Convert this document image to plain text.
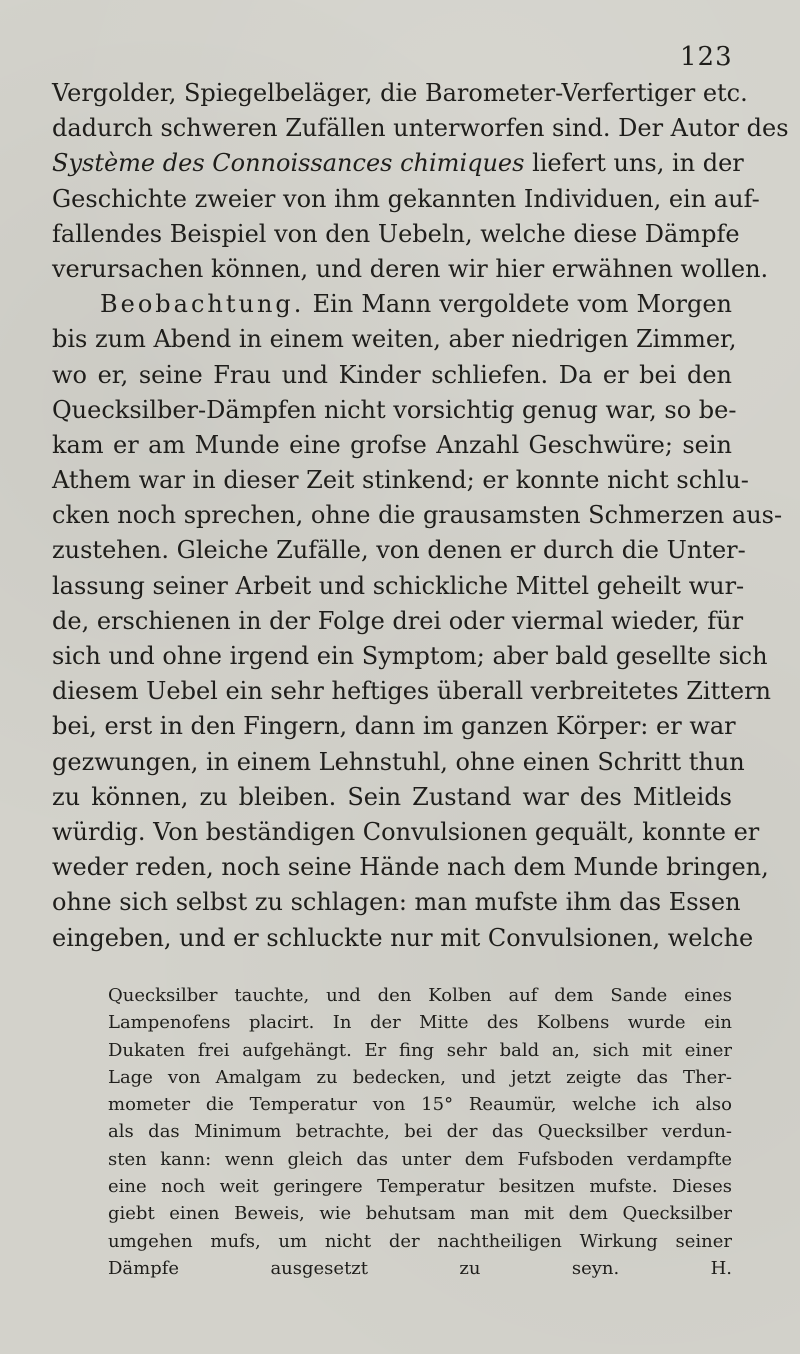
123
Vergolder, Spiegelbeläger, die Barometer-Verfertiger etc.
dadurch schweren Zufällen unterworfen sind. Der Autor des
Système des Connoissances chimiques liefert uns, in der
Geschichte zweier von ihm gekannten Individuen, ein auf-
fallendes Beispiel von den Uebeln, welche diese Dämpfe
verursachen können, und deren wir hier erwähnen wollen.
Beobachtung. Ein Mann vergoldete vom Morgen
bis zum Abend in einem weiten, aber niedrigen Zimmer,
wo er, seine Frau und Kinder schliefen. Da er bei den
Quecksilber-Dämpfen nicht vorsichtig genug war, so be-
kam er am Munde eine grofse Anzahl Geschwüre; sein
Athem war in dieser Zeit stinkend; er konnte nicht schlu-
cken noch sprechen, ohne die grausamsten Schmerzen aus-
zustehen. Gleiche Zufälle, von denen er durch die Unter-
lassung seiner Arbeit und schickliche Mittel geheilt wur-
de, erschienen in der Folge drei oder viermal wieder, für
sich und ohne irgend ein Symptom; aber bald gesellte sich
diesem Uebel ein sehr heftiges überall verbreitetes Zittern
bei, erst in den Fingern, dann im ganzen Körper: er war
gezwungen, in einem Lehnstuhl, ohne einen Schritt thun
zu können, zu bleiben. Sein Zustand war des Mitleids
würdig. Von beständigen Convulsionen gequält, konnte er
weder reden, noch seine Hände nach dem Munde bringen,
ohne sich selbst zu schlagen: man mufste ihm das Essen
eingeben, und er schluckte nur mit Convulsionen, welche
Quecksilber tauchte, und den Kolben auf dem Sande eines
Lampenofens placirt. In der Mitte des Kolbens wurde ein
Dukaten frei aufgehängt. Er fing sehr bald an, sich mit einer
Lage von Amalgam zu bedecken, und jetzt zeigte das Ther-
mometer die Temperatur von 15° Reaumür, welche ich also
als das Minimum betrachte, bei der das Quecksilber verdun-
sten kann: wenn gleich das unter dem Fufsboden verdampfte
eine noch weit geringere Temperatur besitzen mufste. Dieses
giebt einen Beweis, wie behutsam man mit dem Quecksilber
umgehen mufs, um nicht der nachtheiligen Wirkung seiner
Dämpfe ausgesetzt zu seyn. H.
